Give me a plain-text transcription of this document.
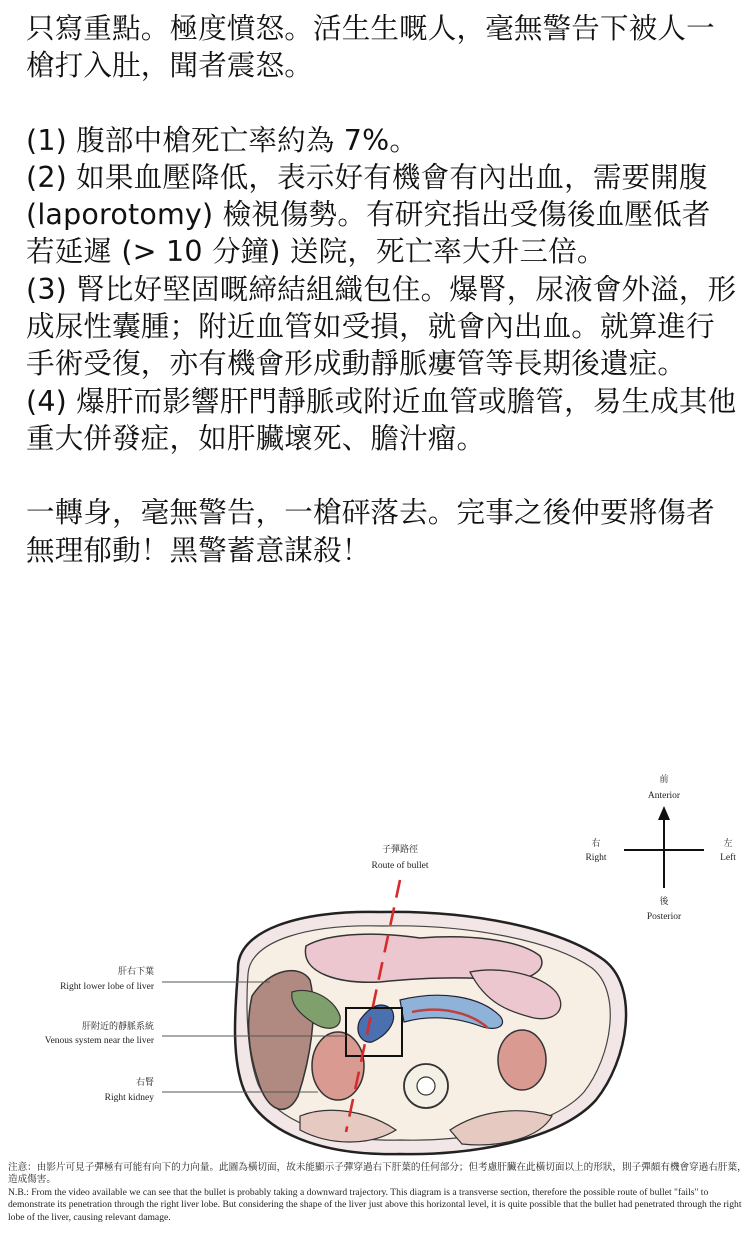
只寫重點。極度憤怒。活生生嘅人，毫無警告下被人一槍打入肚，聞者震怒。

(1) 腹部中槍死亡率約為 7%。

(2) 如果血壓降低，表示好有機會有內出血，需要開腹 (laporotomy) 檢視傷勢。有研究指出受傷後血壓低者若延遲 (> 10 分鐘) 送院，死亡率大升三倍。

(3) 腎比好堅固嘅締結組織包住。爆腎，尿液會外溢，形成尿性囊腫；附近血管如受損，就會內出血。就算進行手術受復，亦有機會形成動靜脈瘻管等長期後遺症。

(4) 爆肝而影響肝門靜脈或附近血管或膽管，易生成其他重大併發症，如肝臟壞死、膽汁瘤。

一轉身，毫無警告，一槍砰落去。完事之後仲要將傷者無理郁動！黑警蓄意謀殺！

前
Anterior
右
Right
左
Left
後
Posterior
子彈路徑
Route of bullet
肝右下葉
Right lower lobe of liver
肝附近的靜脈系統
Venous system near the liver
右腎
Right kidney

注意：由影片可見子彈極有可能有向下的力向量。此圖為橫切面，故未能顯示子彈穿過右下肝葉的任何部分；但考慮肝臟在此橫切面以上的形狀，則子彈頗有機會穿過右肝葉，造成傷害。

N.B.: From the video available we can see that the bullet is probably taking a downward trajectory. This diagram is a transverse section, therefore the possible route of bullet "fails" to demonstrate its penetration through the right liver lobe. But considering the shape of the liver just above this horizontal level, it is quite possible that the bullet had penetrated through the right lobe of the liver, causing relevant damage.
